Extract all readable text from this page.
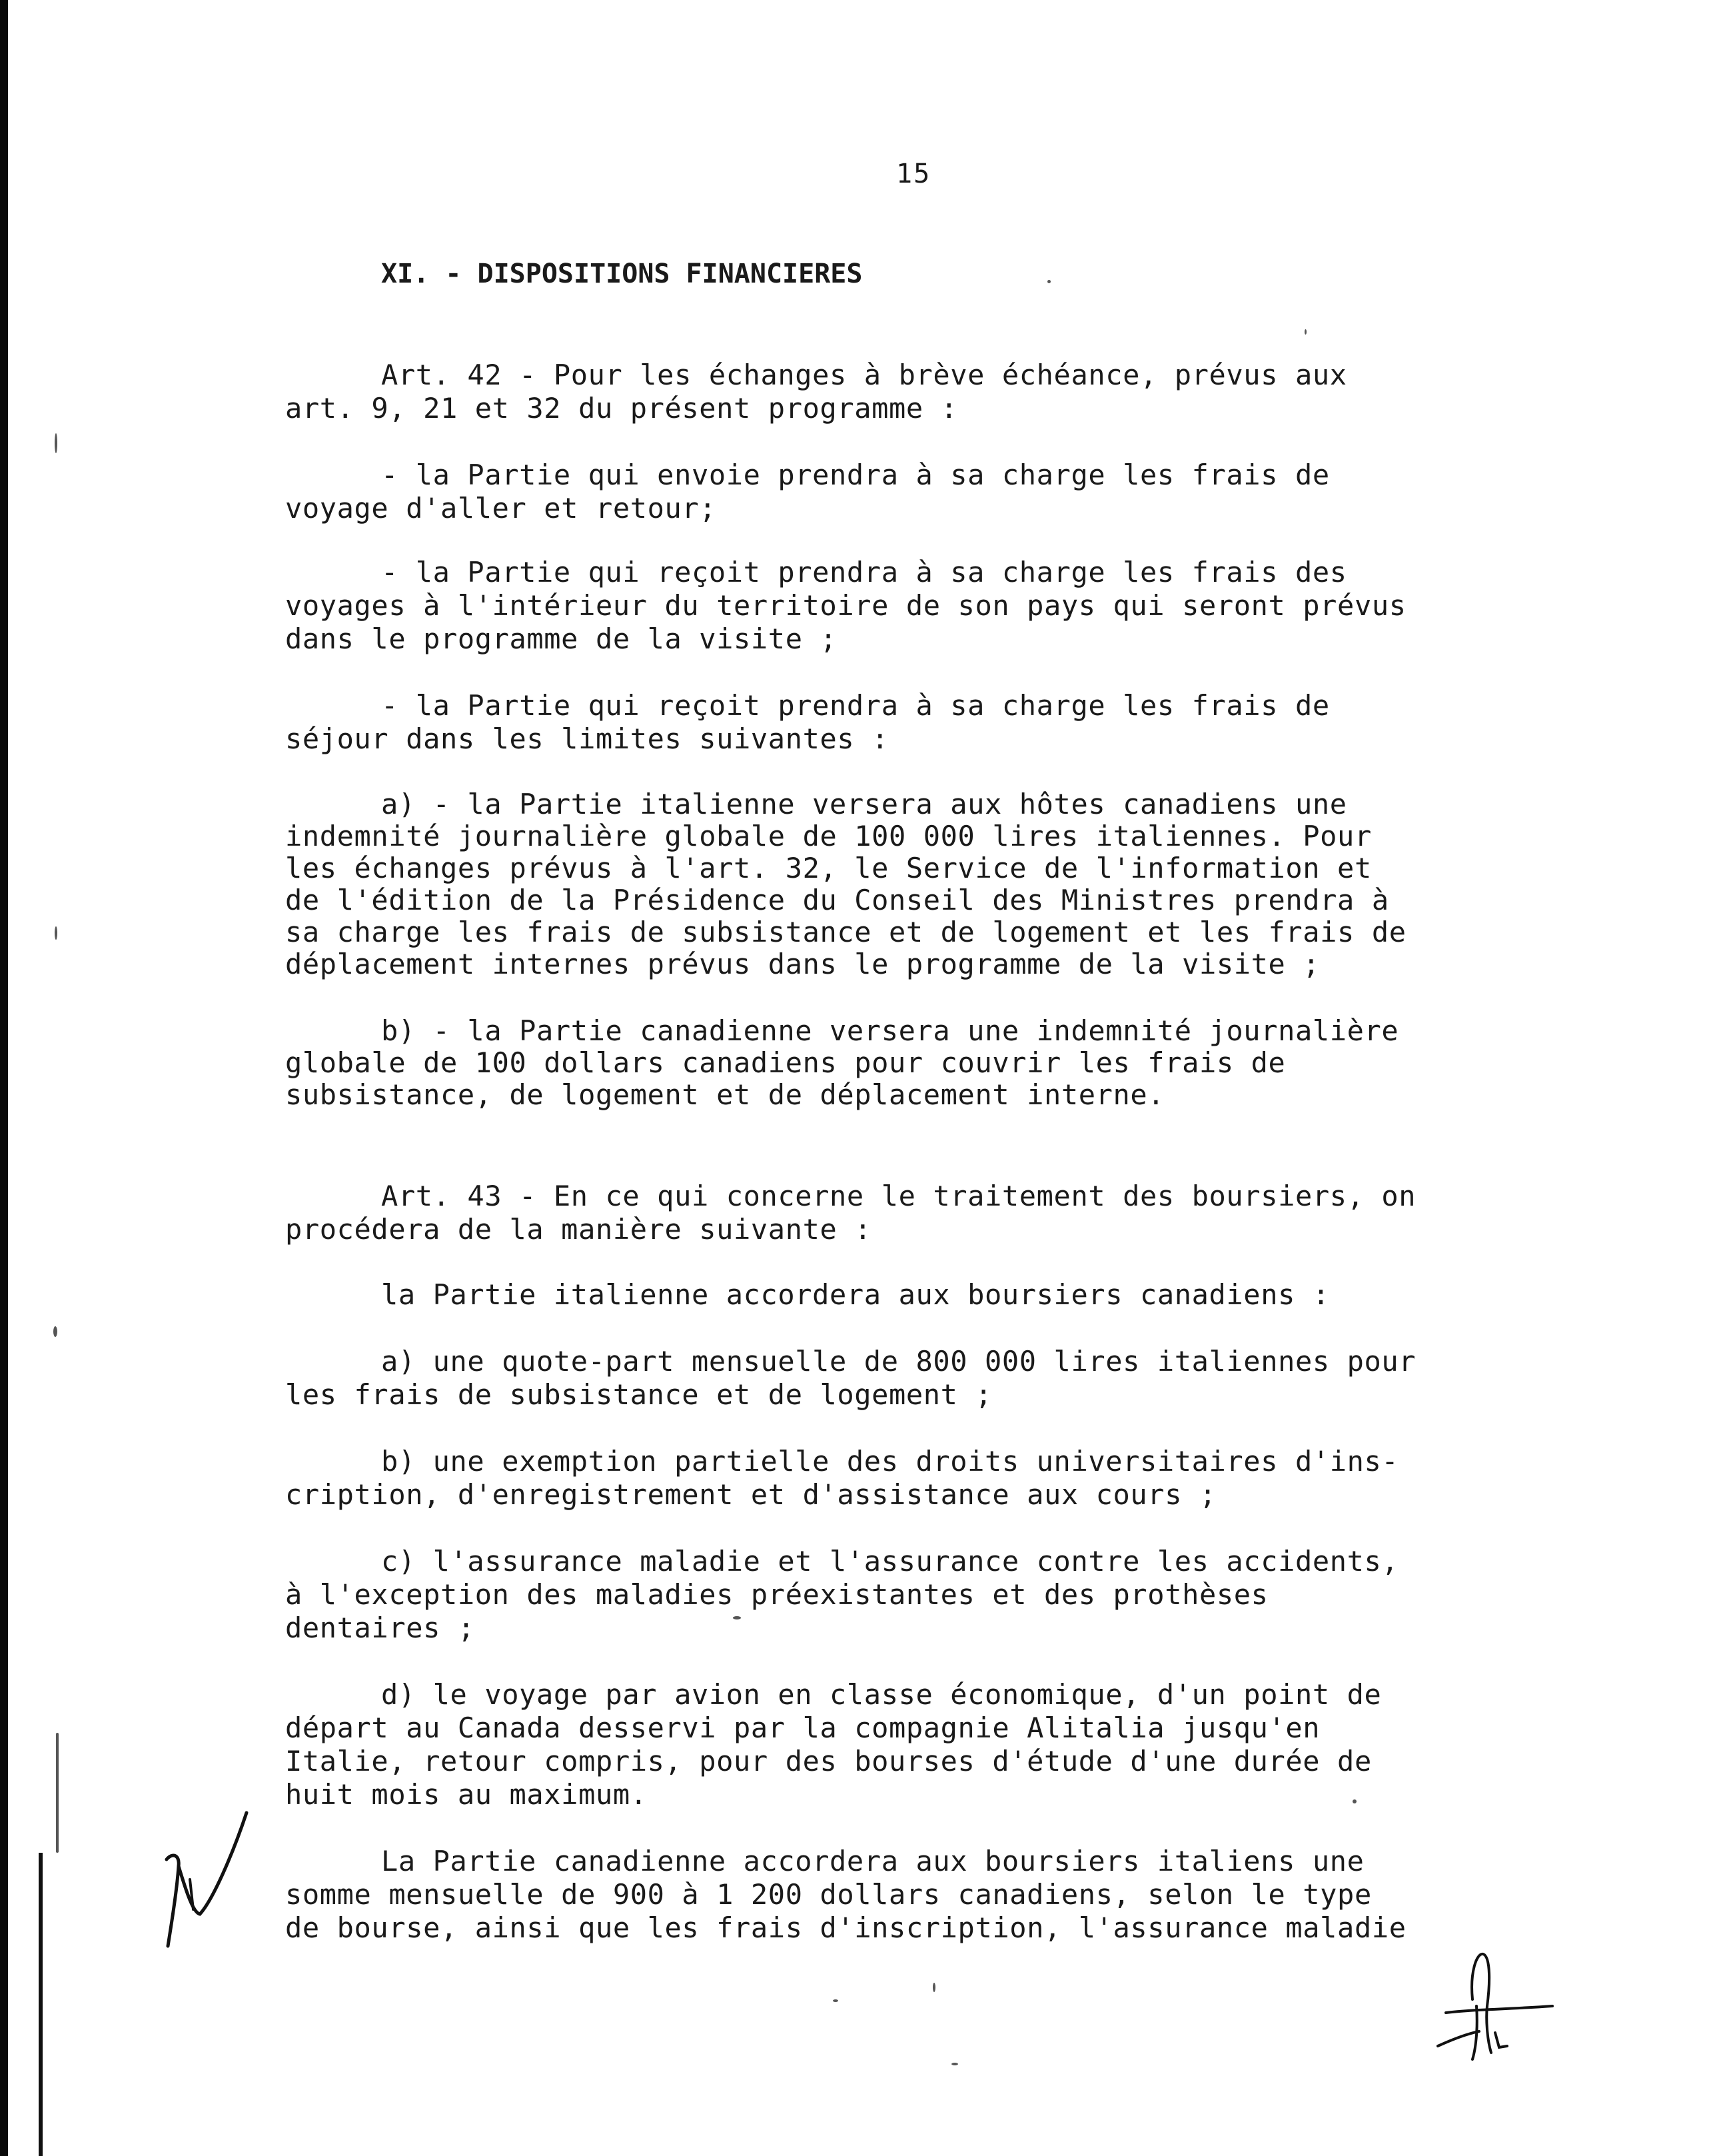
15
XI. - DISPOSITIONS FINANCIERES
Art. 42 - Pour les échanges à brève échéance, prévus aux
art. 9, 21 et 32 du présent programme :
- la Partie qui envoie prendra à sa charge les frais de
voyage d'aller et retour;
- la Partie qui reçoit prendra à sa charge les frais des
voyages à l'intérieur du territoire de son pays qui seront prévus
dans le programme de la visite ;
- la Partie qui reçoit prendra à sa charge les frais de
séjour dans les limites suivantes :
a) - la Partie italienne versera aux hôtes canadiens une
indemnité journalière globale de 100 000 lires italiennes. Pour
les échanges prévus à l'art. 32, le Service de l'information et
de l'édition de la Présidence du Conseil des Ministres prendra à
sa charge les frais de subsistance et de logement et les frais de
déplacement internes prévus dans le programme de la visite ;
b) - la Partie canadienne versera une indemnité journalière
globale de 100 dollars canadiens pour couvrir les frais de
subsistance, de logement et de déplacement interne.
Art. 43 - En ce qui concerne le traitement des boursiers, on
procédera de la manière suivante :
la Partie italienne accordera aux boursiers canadiens :
a) une quote-part mensuelle de 800 000 lires italiennes pour
les frais de subsistance et de logement ;
b) une exemption partielle des droits universitaires d'ins-
cription, d'enregistrement et d'assistance aux cours ;
c) l'assurance maladie et l'assurance contre les accidents,
à l'exception des maladies préexistantes et des prothèses
dentaires ;
d) le voyage par avion en classe économique, d'un point de
départ au Canada desservi par la compagnie Alitalia jusqu'en
Italie, retour compris, pour des bourses d'étude d'une durée de
huit mois au maximum.
La Partie canadienne accordera aux boursiers italiens une
somme mensuelle de 900 à 1 200 dollars canadiens, selon le type
de bourse, ainsi que les frais d'inscription, l'assurance maladie
